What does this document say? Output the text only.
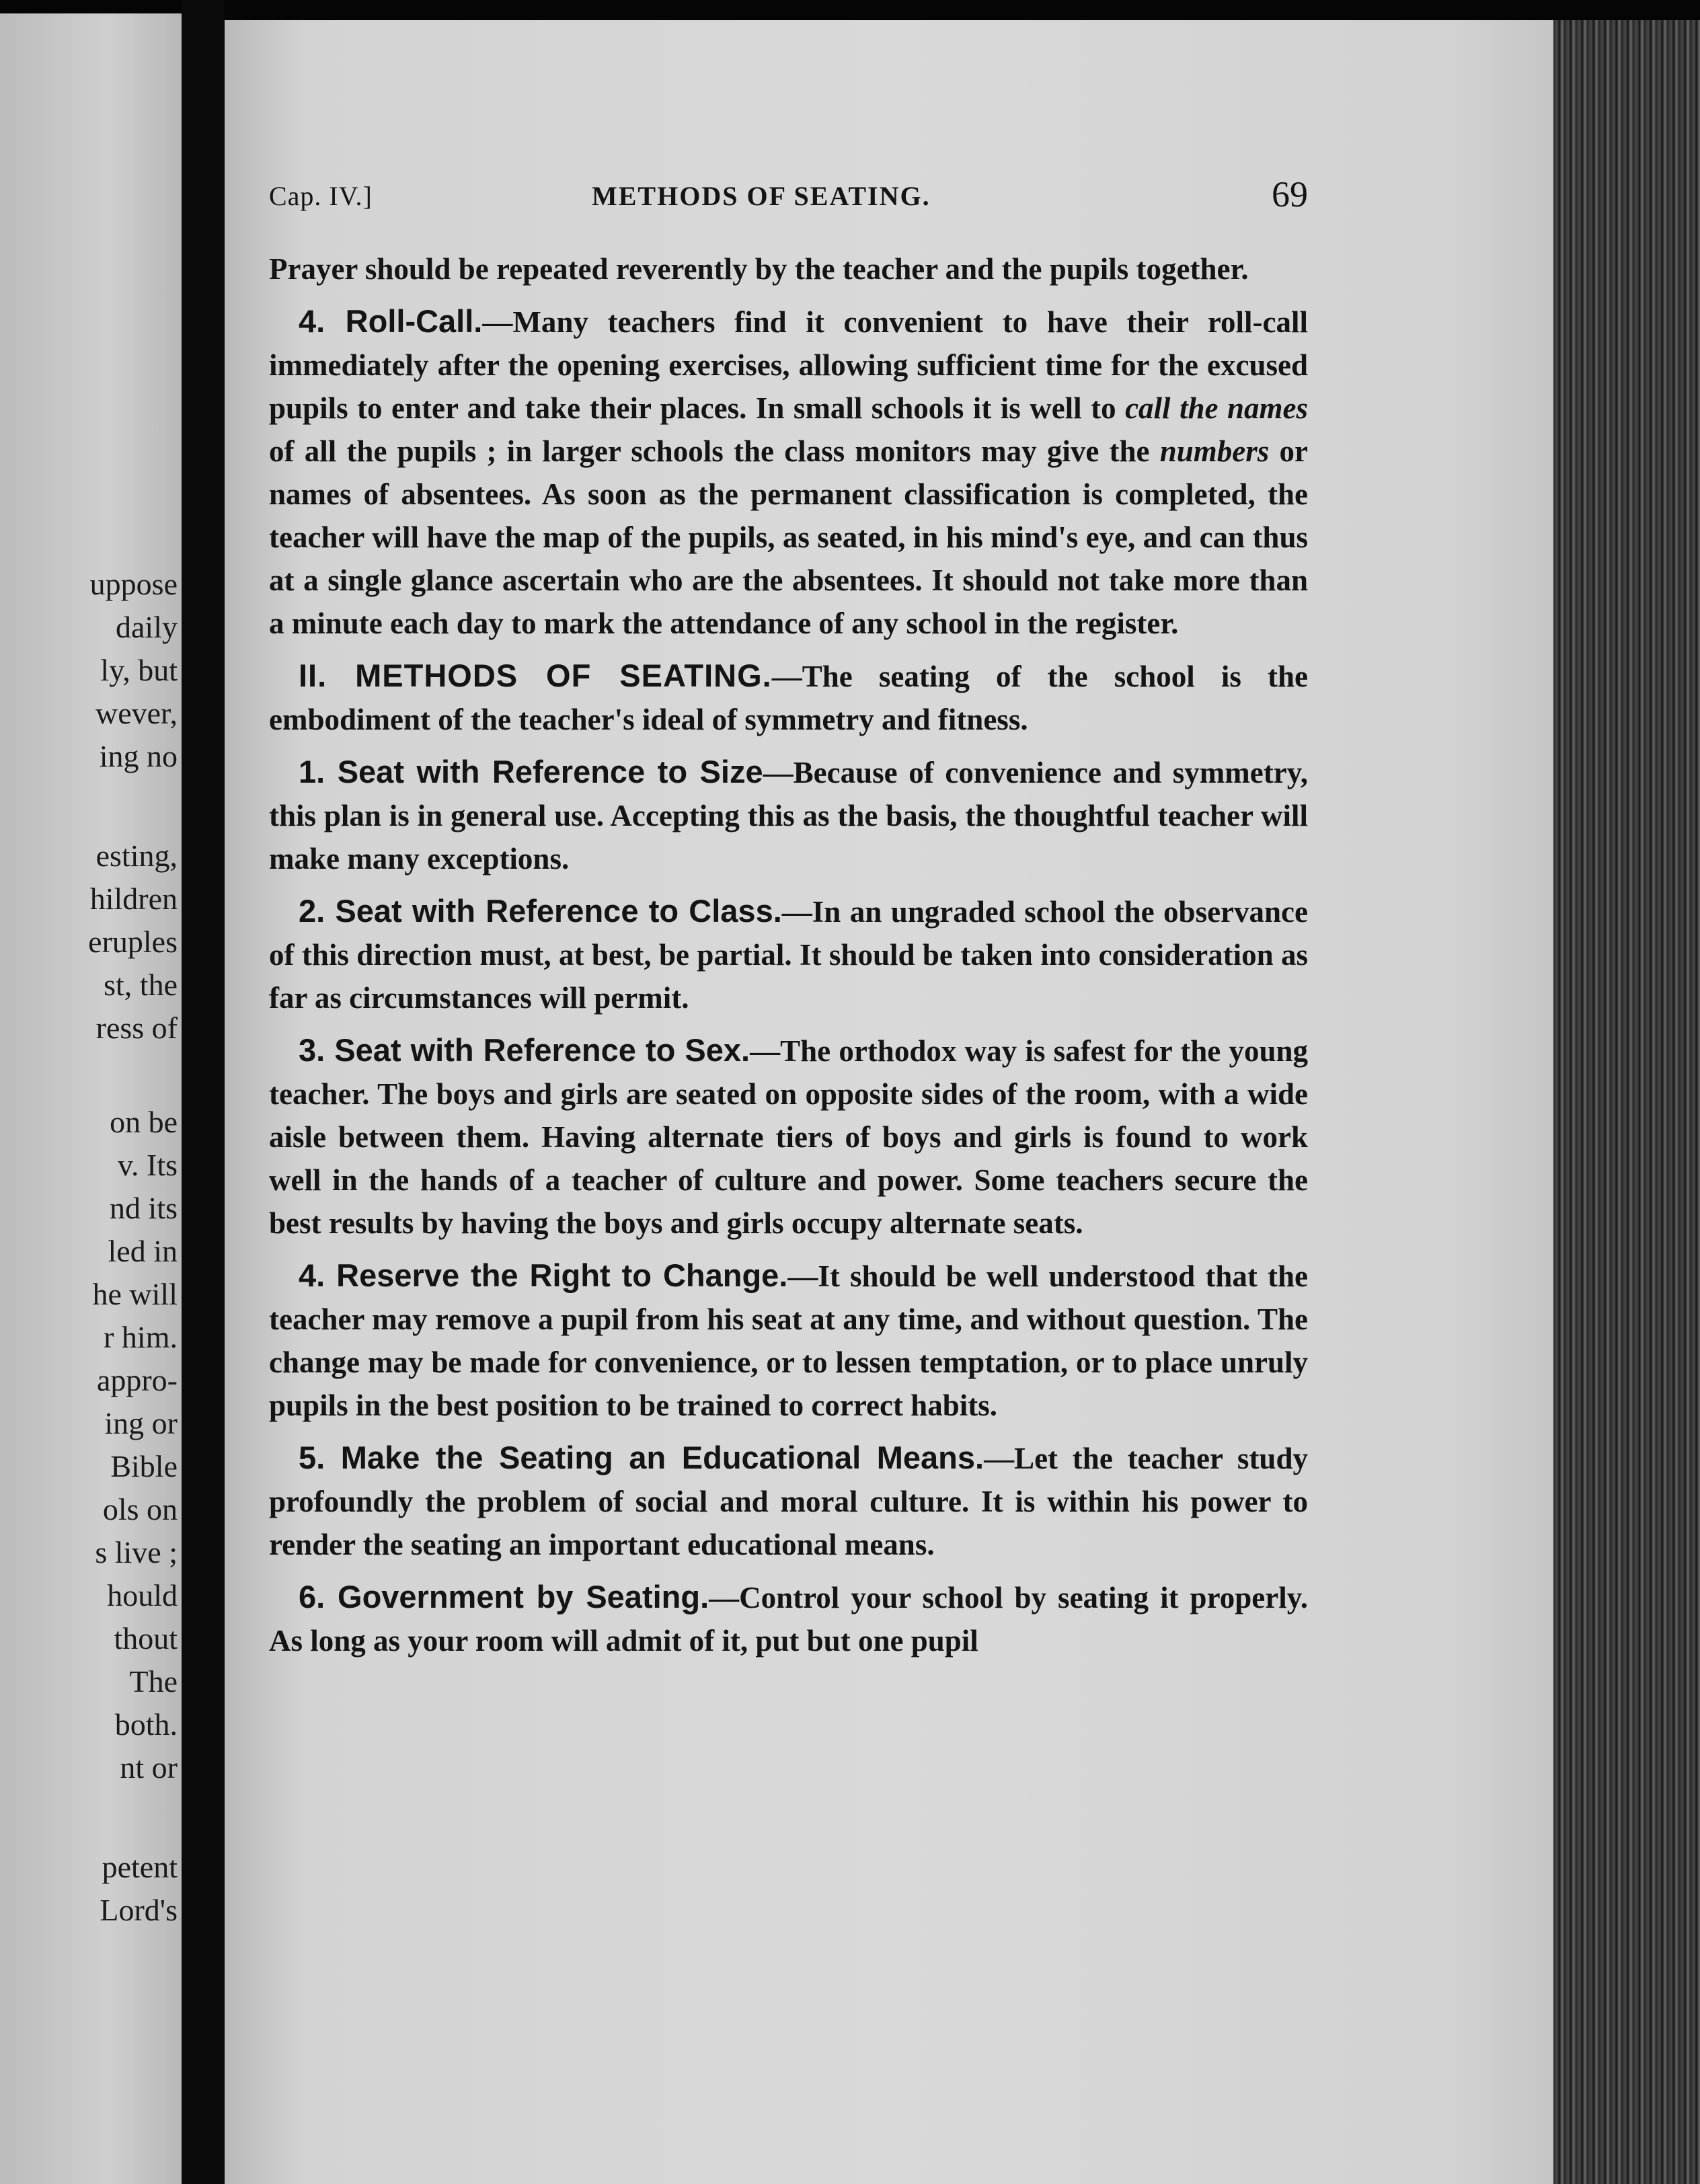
uppose
daily
ly, but
wever,
ing no
esting,
hildren
eruples
st, the
ress of
on be
v. Its
nd its
led in
he will
r him.
appro-
ing or
Bible
ols on
s live ;
hould
thout
The
both.
nt or
petent
Lord's
Cap. IV.]	METHODS OF SEATING.	69

Prayer should be repeated reverently by the teacher and the pupils together.

4. Roll-Call.—Many teachers find it convenient to have their roll-call immediately after the opening exercises, allowing sufficient time for the excused pupils to enter and take their places. In small schools it is well to call the names of all the pupils ; in larger schools the class monitors may give the numbers or names of absentees. As soon as the permanent classification is completed, the teacher will have the map of the pupils, as seated, in his mind's eye, and can thus at a single glance ascertain who are the absentees. It should not take more than a minute each day to mark the attendance of any school in the register.

II. METHODS OF SEATING.—The seating of the school is the embodiment of the teacher's ideal of symmetry and fitness.

1. Seat with Reference to Size—Because of convenience and symmetry, this plan is in general use. Accepting this as the basis, the thoughtful teacher will make many exceptions.

2. Seat with Reference to Class.—In an ungraded school the observance of this direction must, at best, be partial. It should be taken into consideration as far as circumstances will permit.

3. Seat with Reference to Sex.—The orthodox way is safest for the young teacher. The boys and girls are seated on opposite sides of the room, with a wide aisle between them. Having alternate tiers of boys and girls is found to work well in the hands of a teacher of culture and power. Some teachers secure the best results by having the boys and girls occupy alternate seats.

4. Reserve the Right to Change.—It should be well understood that the teacher may remove a pupil from his seat at any time, and without question. The change may be made for convenience, or to lessen temptation, or to place unruly pupils in the best position to be trained to correct habits.

5. Make the Seating an Educational Means.—Let the teacher study profoundly the problem of social and moral culture. It is within his power to render the seating an important educational means.

6. Government by Seating.—Control your school by seating it properly. As long as your room will admit of it, put but one pupil
